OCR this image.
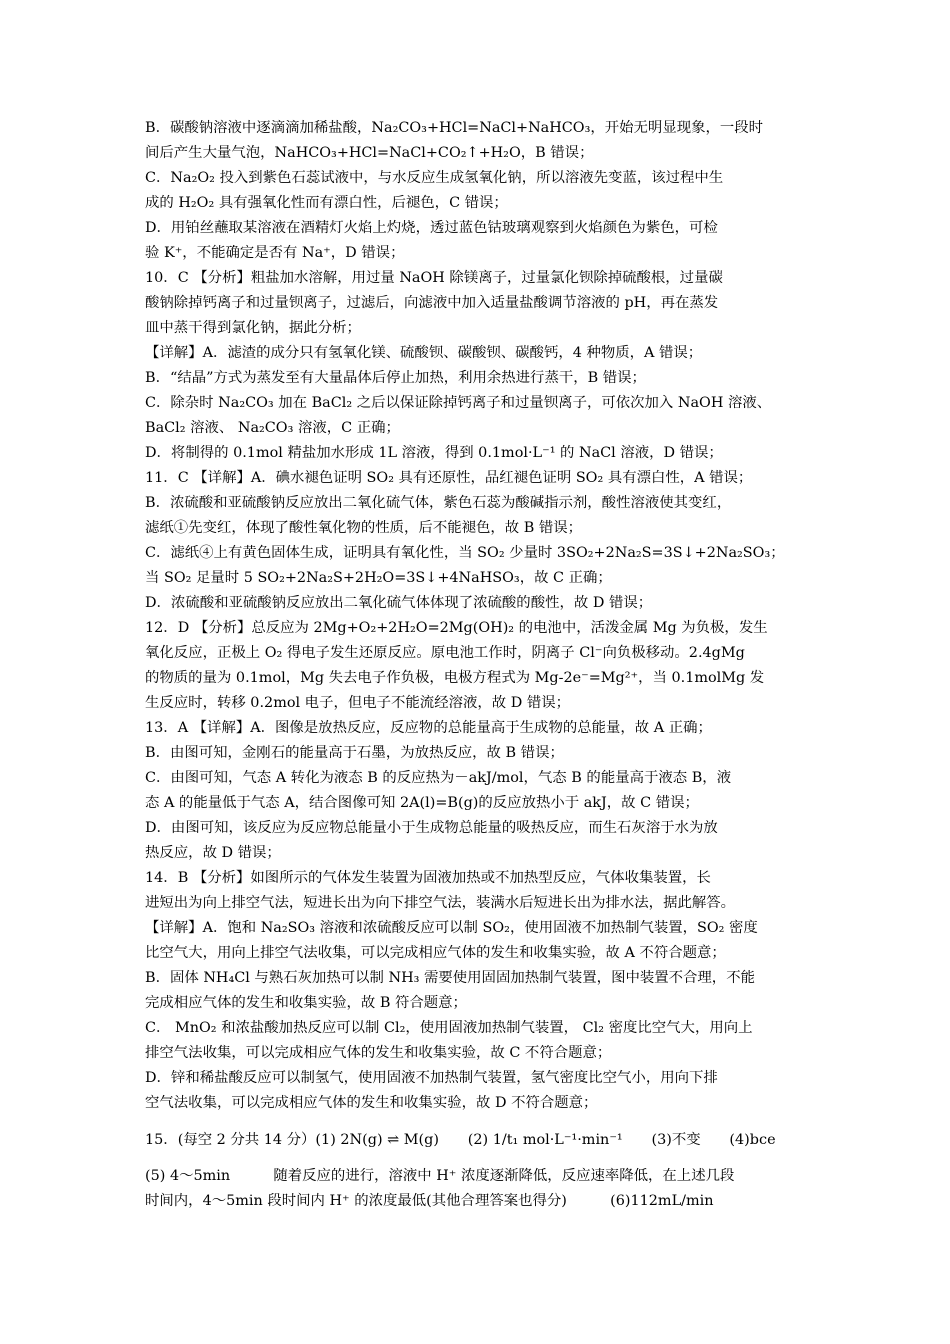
B．碳酸钠溶液中逐滴滴加稀盐酸，Na₂CO₃+HCl=NaCl+NaHCO₃，开始无明显现象，一段时
间后产生大量气泡，NaHCO₃+HCl=NaCl+CO₂↑+H₂O，B 错误；
C．Na₂O₂ 投入到紫色石蕊试液中，与水反应生成氢氧化钠，所以溶液先变蓝，该过程中生
成的 H₂O₂ 具有强氧化性而有漂白性，后褪色，C 错误；
D．用铂丝蘸取某溶液在酒精灯火焰上灼烧，透过蓝色钴玻璃观察到火焰颜色为紫色，可检
验 K⁺，不能确定是否有 Na⁺，D 错误；
10．C 【分析】粗盐加水溶解，用过量 NaOH 除镁离子，过量氯化钡除掉硫酸根，过量碳
酸钠除掉钙离子和过量钡离子，过滤后，向滤液中加入适量盐酸调节溶液的 pH，再在蒸发
皿中蒸干得到氯化钠，据此分析；
【详解】A．滤渣的成分只有氢氧化镁、硫酸钡、碳酸钡、碳酸钙，4 种物质，A 错误；
B．“结晶”方式为蒸发至有大量晶体后停止加热，利用余热进行蒸干，B 错误；
C．除杂时 Na₂CO₃ 加在 BaCl₂ 之后以保证除掉钙离子和过量钡离子，可依次加入 NaOH 溶液、
BaCl₂ 溶液、 Na₂CO₃ 溶液，C 正确；
D．将制得的 0.1mol 精盐加水形成 1L 溶液，得到 0.1mol·L⁻¹ 的 NaCl 溶液，D 错误；
11．C 【详解】A．碘水褪色证明 SO₂ 具有还原性，品红褪色证明 SO₂ 具有漂白性，A 错误；
B．浓硫酸和亚硫酸钠反应放出二氧化硫气体，紫色石蕊为酸碱指示剂，酸性溶液使其变红，
滤纸①先变红，体现了酸性氧化物的性质，后不能褪色，故 B 错误；
C．滤纸④上有黄色固体生成，证明具有氧化性，当 SO₂ 少量时 3SO₂+2Na₂S=3S↓+2Na₂SO₃；
当 SO₂ 足量时 5 SO₂+2Na₂S+2H₂O=3S↓+4NaHSO₃，故 C 正确；
D．浓硫酸和亚硫酸钠反应放出二氧化硫气体体现了浓硫酸的酸性，故 D 错误；
12．D 【分析】总反应为 2Mg+O₂+2H₂O=2Mg(OH)₂ 的电池中，活泼金属 Mg 为负极，发生
氧化反应，正极上 O₂ 得电子发生还原反应。原电池工作时，阴离子 Cl⁻向负极移动。2.4gMg
的物质的量为 0.1mol，Mg 失去电子作负极，电极方程式为 Mg-2e⁻=Mg²⁺，当 0.1molMg 发
生反应时，转移 0.2mol 电子，但电子不能流经溶液，故 D 错误；
13．A 【详解】A．图像是放热反应，反应物的总能量高于生成物的总能量，故 A 正确；
B．由图可知，金刚石的能量高于石墨，为放热反应，故 B 错误；
C．由图可知，气态 A 转化为液态 B 的反应热为－akJ/mol，气态 B 的能量高于液态 B，液
态 A 的能量低于气态 A，结合图像可知 2A(l)=B(g)的反应放热小于 akJ，故 C 错误；
D．由图可知，该反应为反应物总能量小于生成物总能量的吸热反应，而生石灰溶于水为放
热反应，故 D 错误；
14．B 【分析】如图所示的气体发生装置为固液加热或不加热型反应，气体收集装置，长
进短出为向上排空气法，短进长出为向下排空气法，装满水后短进长出为排水法，据此解答。
【详解】A．饱和 Na₂SO₃ 溶液和浓硫酸反应可以制 SO₂，使用固液不加热制气装置，SO₂ 密度
比空气大，用向上排空气法收集，可以完成相应气体的发生和收集实验，故 A 不符合题意；
B．固体 NH₄Cl 与熟石灰加热可以制 NH₃ 需要使用固固加热制气装置，图中装置不合理，不能
完成相应气体的发生和收集实验，故 B 符合题意；
C． MnO₂ 和浓盐酸加热反应可以制 Cl₂，使用固液加热制气装置， Cl₂ 密度比空气大，用向上
排空气法收集，可以完成相应气体的发生和收集实验，故 C 不符合题意；
D．锌和稀盐酸反应可以制氢气，使用固液不加热制气装置，氢气密度比空气小，用向下排
空气法收集，可以完成相应气体的发生和收集实验，故 D 不符合题意；
15．(每空 2 分共 14 分）(1) 2N(g) ⇌ M(g)　　(2) 1/t₁ mol·L⁻¹·min⁻¹　　(3)不变　　(4)bce
(5) 4～5min　　　随着反应的进行，溶液中 H⁺ 浓度逐渐降低，反应速率降低，在上述几段
时间内，4～5min 段时间内 H⁺ 的浓度最低(其他合理答案也得分)　　　(6)112mL/min
